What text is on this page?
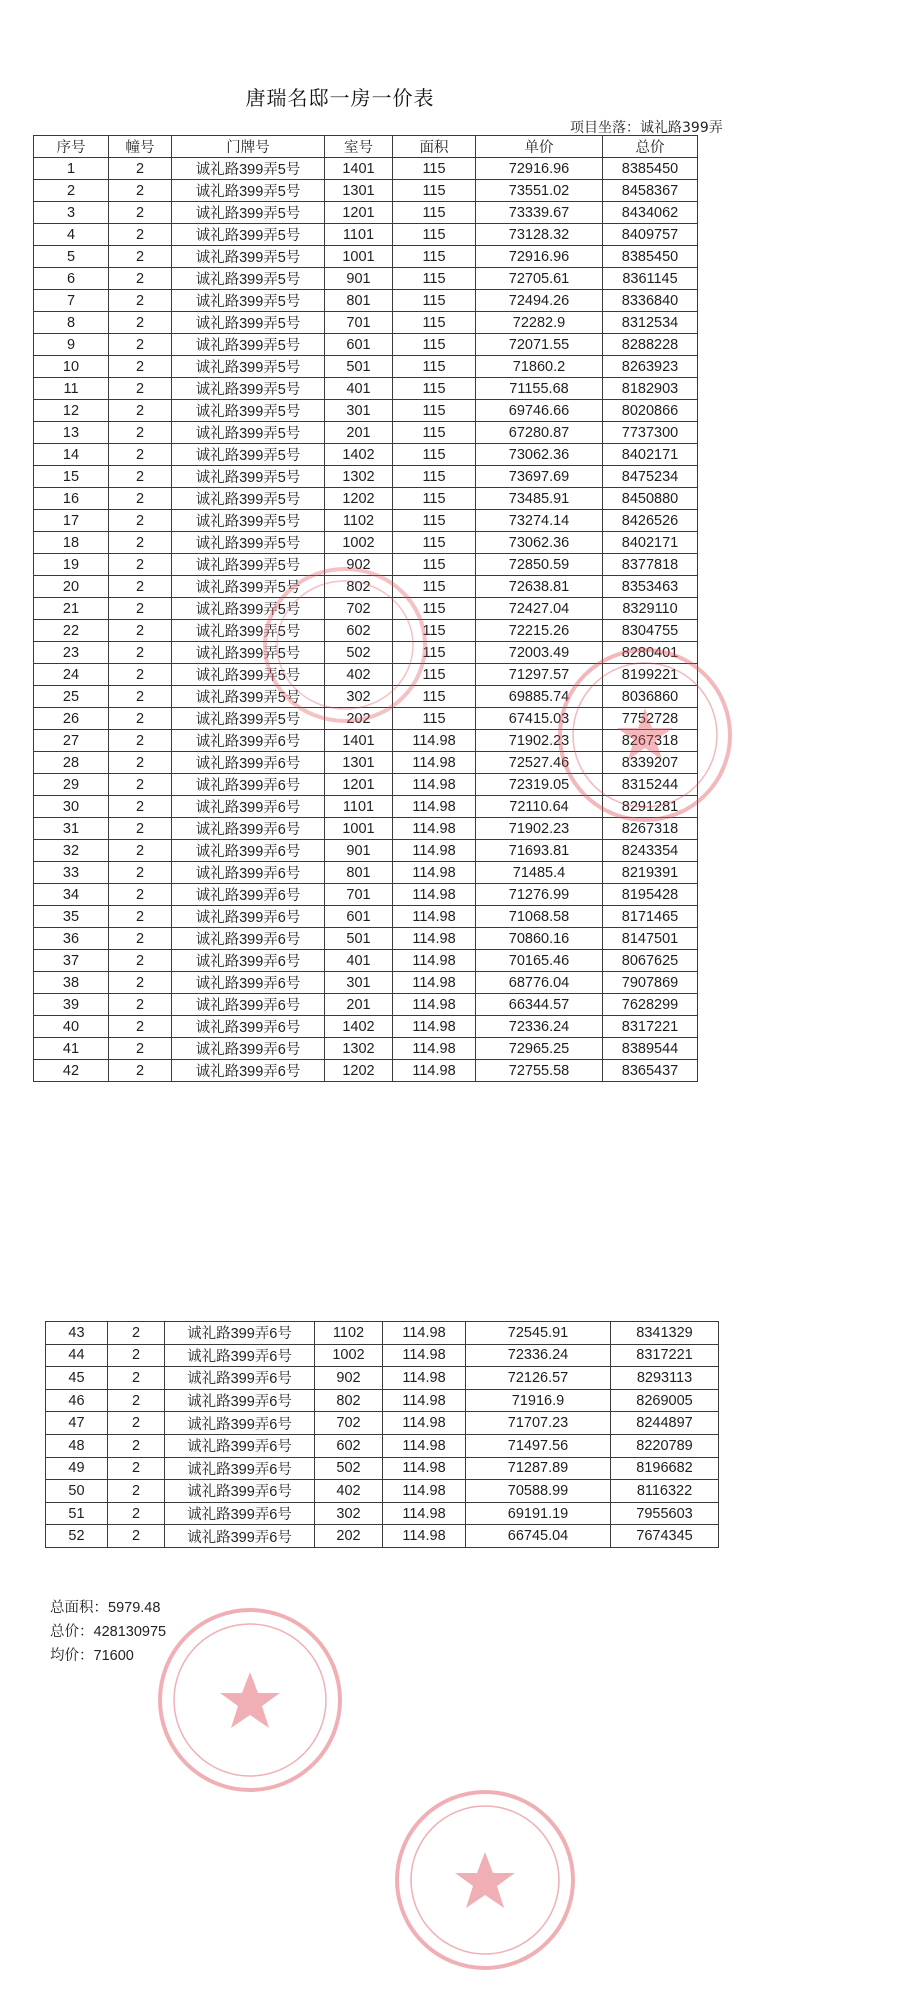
唐瑞名邸一房一价表
项目坐落：诚礼路399弄
序号	幢号	门牌号	室号	面积	单价	总价
1	2	诚礼路399弄5号	1401	115	72916.96	8385450
2	2	诚礼路399弄5号	1301	115	73551.02	8458367
3	2	诚礼路399弄5号	1201	115	73339.67	8434062
4	2	诚礼路399弄5号	1101	115	73128.32	8409757
5	2	诚礼路399弄5号	1001	115	72916.96	8385450
6	2	诚礼路399弄5号	901	115	72705.61	8361145
7	2	诚礼路399弄5号	801	115	72494.26	8336840
8	2	诚礼路399弄5号	701	115	72282.9	8312534
9	2	诚礼路399弄5号	601	115	72071.55	8288228
10	2	诚礼路399弄5号	501	115	71860.2	8263923
11	2	诚礼路399弄5号	401	115	71155.68	8182903
12	2	诚礼路399弄5号	301	115	69746.66	8020866
13	2	诚礼路399弄5号	201	115	67280.87	7737300
14	2	诚礼路399弄5号	1402	115	73062.36	8402171
15	2	诚礼路399弄5号	1302	115	73697.69	8475234
16	2	诚礼路399弄5号	1202	115	73485.91	8450880
17	2	诚礼路399弄5号	1102	115	73274.14	8426526
18	2	诚礼路399弄5号	1002	115	73062.36	8402171
19	2	诚礼路399弄5号	902	115	72850.59	8377818
20	2	诚礼路399弄5号	802	115	72638.81	8353463
21	2	诚礼路399弄5号	702	115	72427.04	8329110
22	2	诚礼路399弄5号	602	115	72215.26	8304755
23	2	诚礼路399弄5号	502	115	72003.49	8280401
24	2	诚礼路399弄5号	402	115	71297.57	8199221
25	2	诚礼路399弄5号	302	115	69885.74	8036860
26	2	诚礼路399弄5号	202	115	67415.03	7752728
27	2	诚礼路399弄6号	1401	114.98	71902.23	8267318
28	2	诚礼路399弄6号	1301	114.98	72527.46	8339207
29	2	诚礼路399弄6号	1201	114.98	72319.05	8315244
30	2	诚礼路399弄6号	1101	114.98	72110.64	8291281
31	2	诚礼路399弄6号	1001	114.98	71902.23	8267318
32	2	诚礼路399弄6号	901	114.98	71693.81	8243354
33	2	诚礼路399弄6号	801	114.98	71485.4	8219391
34	2	诚礼路399弄6号	701	114.98	71276.99	8195428
35	2	诚礼路399弄6号	601	114.98	71068.58	8171465
36	2	诚礼路399弄6号	501	114.98	70860.16	8147501
37	2	诚礼路399弄6号	401	114.98	70165.46	8067625
38	2	诚礼路399弄6号	301	114.98	68776.04	7907869
39	2	诚礼路399弄6号	201	114.98	66344.57	7628299
40	2	诚礼路399弄6号	1402	114.98	72336.24	8317221
41	2	诚礼路399弄6号	1302	114.98	72965.25	8389544
42	2	诚礼路399弄6号	1202	114.98	72755.58	8365437
43	2	诚礼路399弄6号	1102	114.98	72545.91	8341329
44	2	诚礼路399弄6号	1002	114.98	72336.24	8317221
45	2	诚礼路399弄6号	902	114.98	72126.57	8293113
46	2	诚礼路399弄6号	802	114.98	71916.9	8269005
47	2	诚礼路399弄6号	702	114.98	71707.23	8244897
48	2	诚礼路399弄6号	602	114.98	71497.56	8220789
49	2	诚礼路399弄6号	502	114.98	71287.89	8196682
50	2	诚礼路399弄6号	402	114.98	70588.99	8116322
51	2	诚礼路399弄6号	302	114.98	69191.19	7955603
52	2	诚礼路399弄6号	202	114.98	66745.04	7674345
总面积：5979.48
总价：428130975
均价：71600
